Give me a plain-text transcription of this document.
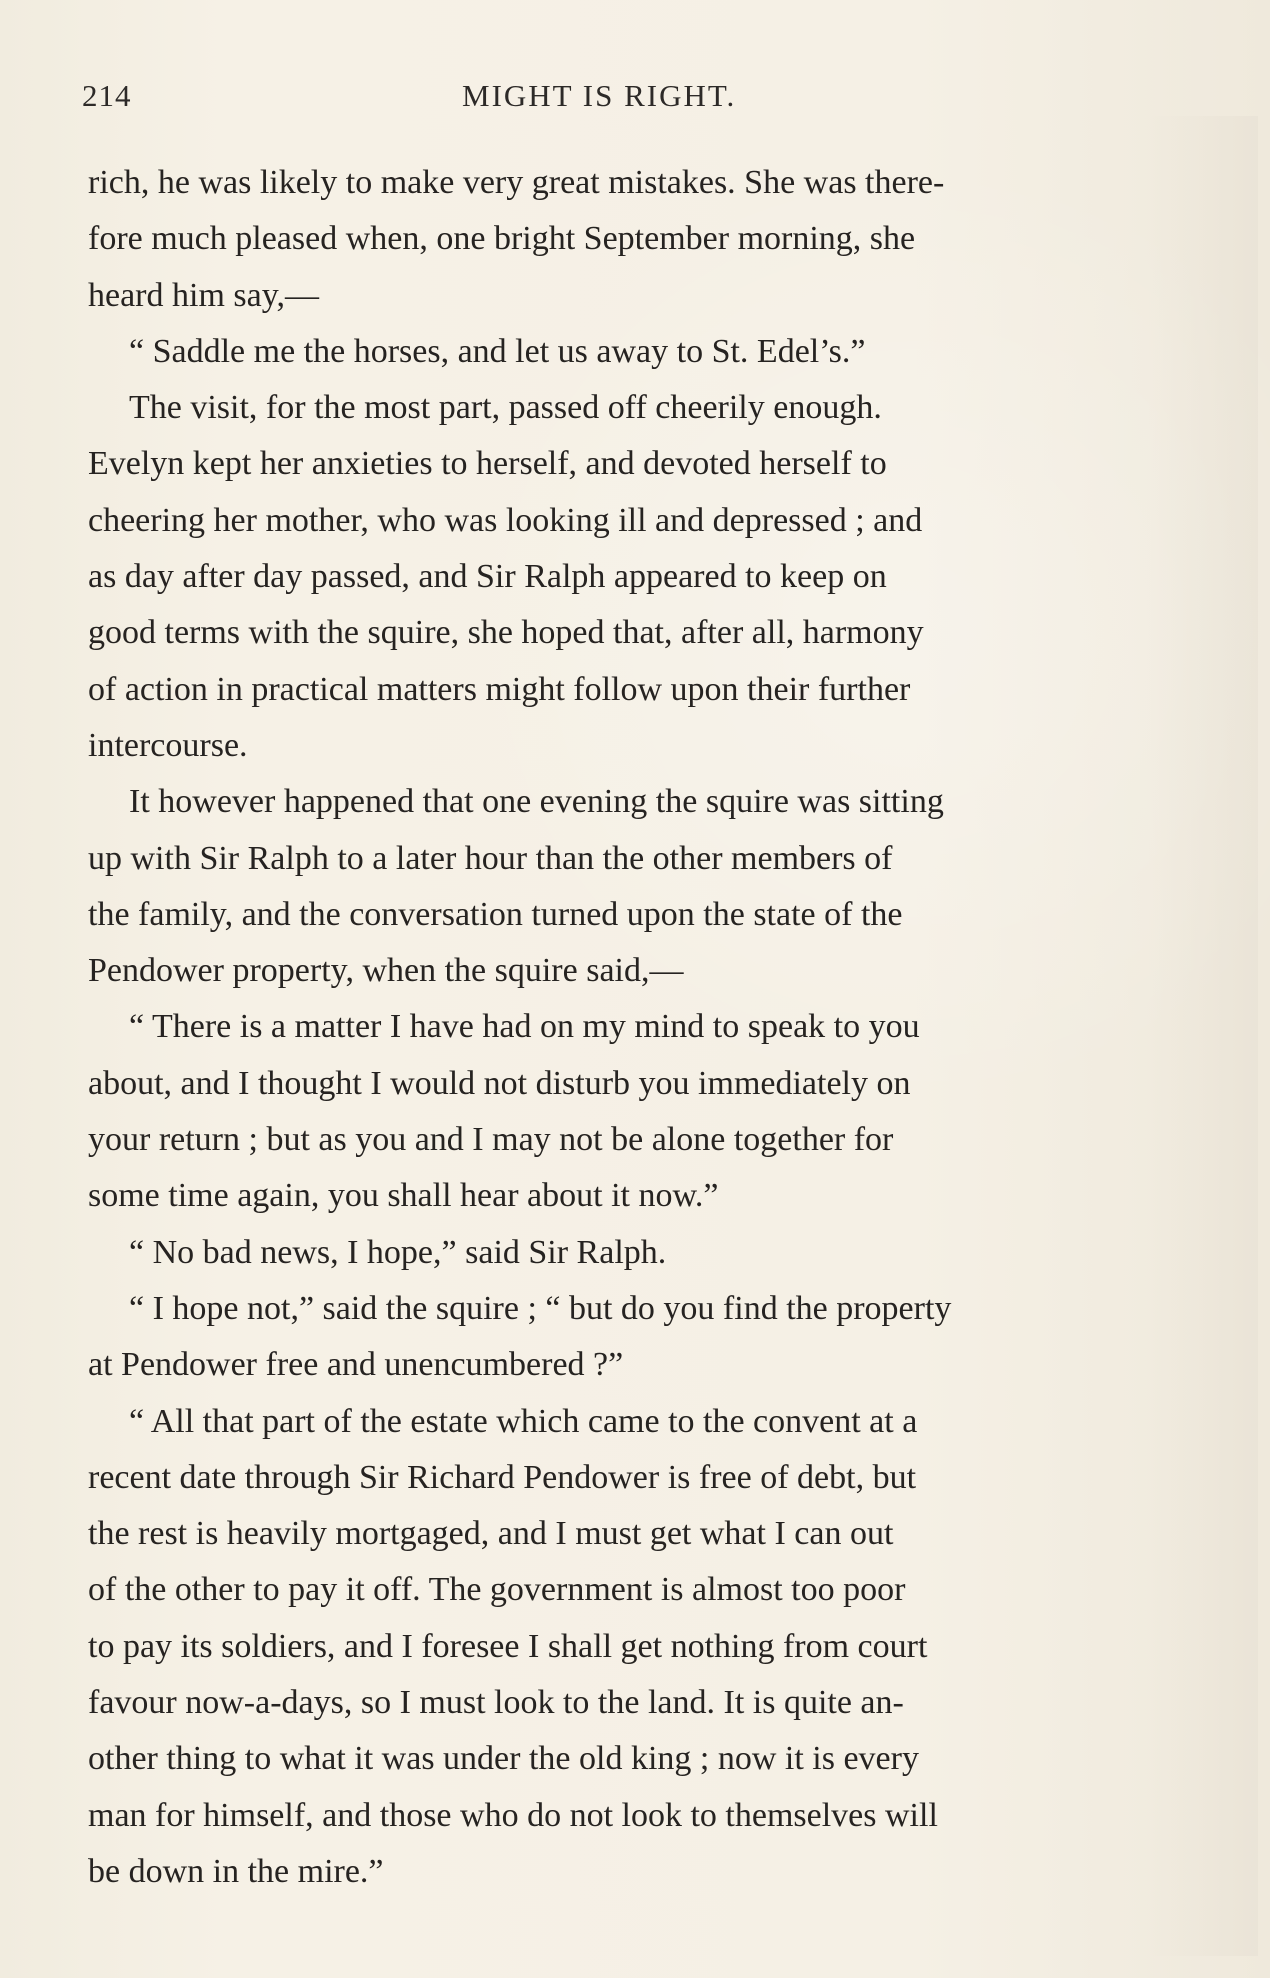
214	MIGHT IS RIGHT.
rich, he was likely to make very great mistakes. She was there-
fore much pleased when, one bright September morning, she
heard him say,—
“ Saddle me the horses, and let us away to St. Edel’s.”
The visit, for the most part, passed off cheerily enough.
Evelyn kept her anxieties to herself, and devoted herself to
cheering her mother, who was looking ill and depressed ; and
as day after day passed, and Sir Ralph appeared to keep on
good terms with the squire, she hoped that, after all, harmony
of action in practical matters might follow upon their further
intercourse.
It however happened that one evening the squire was sitting
up with Sir Ralph to a later hour than the other members of
the family, and the conversation turned upon the state of the
Pendower property, when the squire said,—
“ There is a matter I have had on my mind to speak to you
about, and I thought I would not disturb you immediately on
your return ; but as you and I may not be alone together for
some time again, you shall hear about it now.”
“ No bad news, I hope,” said Sir Ralph.
“ I hope not,” said the squire ; “ but do you find the property
at Pendower free and unencumbered ?”
“ All that part of the estate which came to the convent at a
recent date through Sir Richard Pendower is free of debt, but
the rest is heavily mortgaged, and I must get what I can out
of the other to pay it off. The government is almost too poor
to pay its soldiers, and I foresee I shall get nothing from court
favour now-a-days, so I must look to the land. It is quite an-
other thing to what it was under the old king ; now it is every
man for himself, and those who do not look to themselves will
be down in the mire.”
